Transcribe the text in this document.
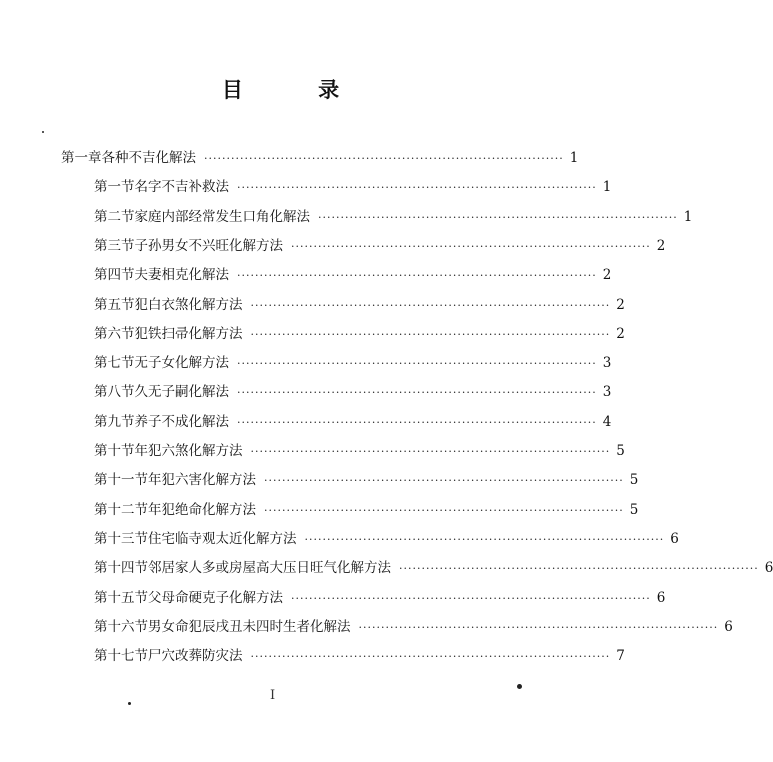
目 录
第一章 各种不吉化解法 ················································································ 1
第一节 名字不吉补救法 ················································································ 1
第二节 家庭内部经常发生口角化解法 ················································································ 1
第三节 子孙男女不兴旺化解方法 ················································································ 2
第四节 夫妻相克化解法 ················································································ 2
第五节 犯白衣煞化解方法 ················································································ 2
第六节 犯铁扫帚化解方法 ················································································ 2
第七节 无子女化解方法 ················································································ 3
第八节 久无子嗣化解法 ················································································ 3
第九节 养子不成化解法 ················································································ 4
第十节 年犯六煞化解方法 ················································································ 5
第十一节 年犯六害化解方法 ················································································ 5
第十二节 年犯绝命化解方法 ················································································ 5
第十三节 住宅临寺观太近化解方法 ················································································ 6
第十四节 邻居家人多或房屋高大压日旺气化解方法 ················································································ 6
第十五节 父母命硬克子化解方法 ················································································ 6
第十六节 男女命犯辰戌丑未四时生者化解法 ················································································ 6
第十七节 尸穴改葬防灾法 ················································································ 7
I
